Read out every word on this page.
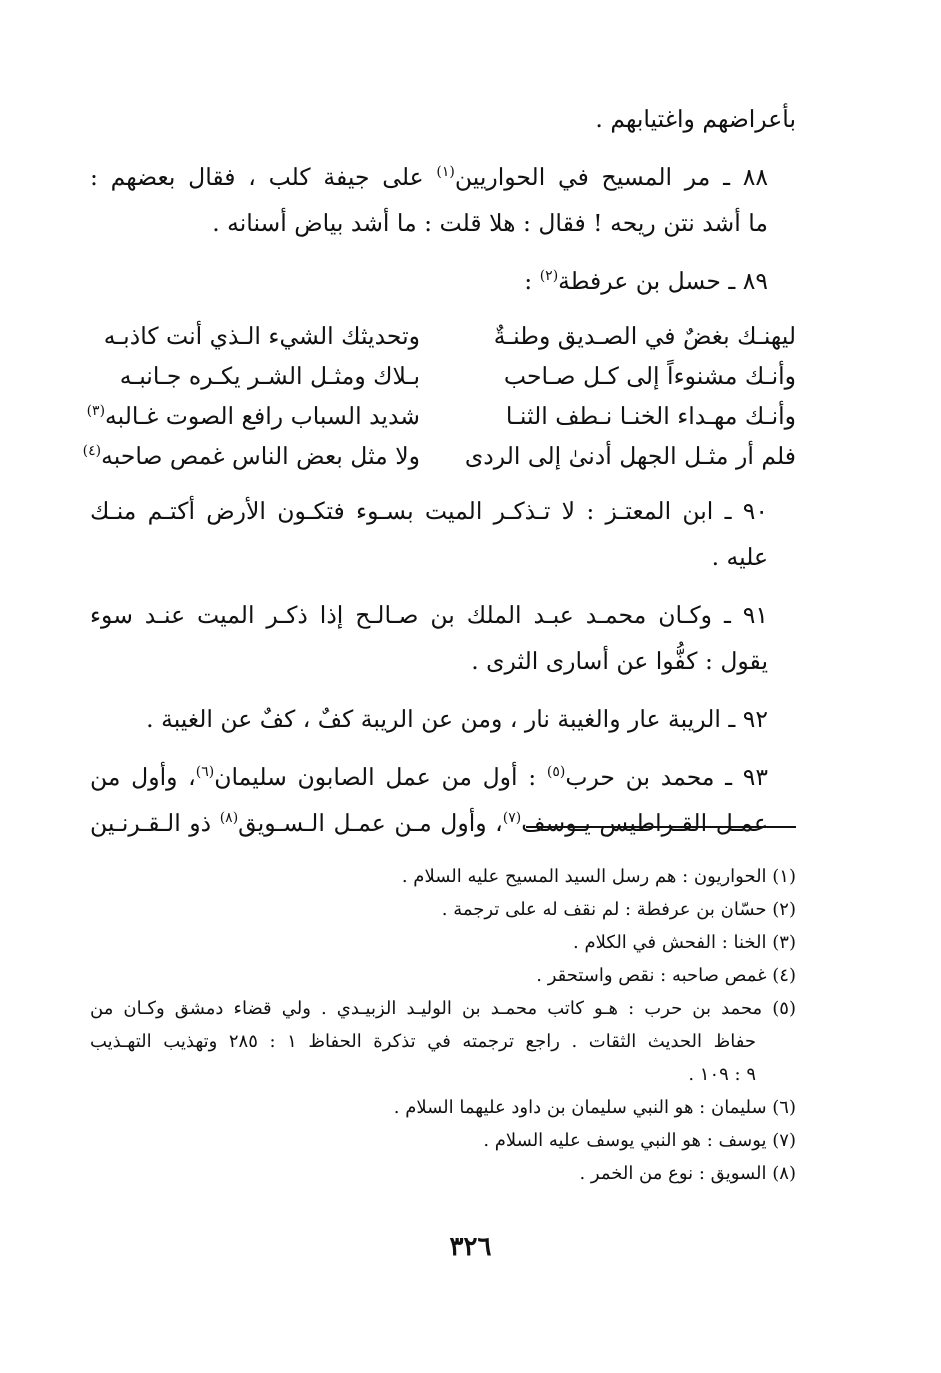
بأعراضهم واغتيابهم .

٨٨ ـ مر المسيح في الحواريين$^{(١)}$ على جيفة كلب ، فقال بعضهم :
ما أشد نتن ريحه ! فقال : هلا قلت : ما أشد بياض أسنانه .

٨٩ ـ حسل بن عرفطة$^{(٢)}$ :

ليهنـك بغضٌ في الصـديق وطنـةٌ
وتحديثك الشيء الـذي أنت كاذبـه
وأنـك مشنوءاً إلى كـل صـاحب
بـلاك ومثـل الشـر يكـره جـانبـه
وأنـك مهـداء الخنـا نـطف الثنـا
شديد السباب رافع الصوت غـالبه$^{(٣)}$
فلم أر مثـل الجهل أدنىٰ إلى الردى
ولا مثل بعض الناس غمص صاحبه$^{(٤)}$

٩٠ ـ ابن المعتـز : لا تـذكـر الميت بسـوء فتكـون الأرض أكتـم منـك
عليه .

٩١ ـ وكـان محمـد عبـد الملك بن صـالـح إذا ذكـر الميت عنـد سوء
يقول : كفُّوا عن أسارى الثرى .

٩٢ ـ الريبة عار والغيبة نار ، ومن عن الريبة كفٌ ، كفٌ عن الغيبة .

٩٣ ـ محمد بن حرب$^{(٥)}$ : أول من عمل الصابون سليمان$^{(٦)}$، وأول من
عمـل القـراطيس يـوسف$^{(٧)}$، وأول مـن عمـل الـسـويق$^{(٨)}$ ذو الـقـرنـين

(١) الحواريون : هم رسل السيد المسيح عليه السلام .

(٢) حسّان بن عرفطة : لم نقف له على ترجمة .

(٣) الخنا : الفحش في الكلام .

(٤) غمص صاحبه : نقص واستحقر .

(٥) محمد بن حرب : هـو كاتب محمـد بن الوليـد الزبيـدي . ولي قضاء دمشق وكـان من
حفاظ الحديث الثقات . راجع ترجمته في تذكرة الحفاظ ١ : ٢٨٥ وتهذيب التهـذيب
٩ : ١٠٩ .

(٦) سليمان : هو النبي سليمان بن داود عليهما السلام .

(٧) يوسف : هو النبي يوسف عليه السلام .

(٨) السويق : نوع من الخمر .

٣٢٦
